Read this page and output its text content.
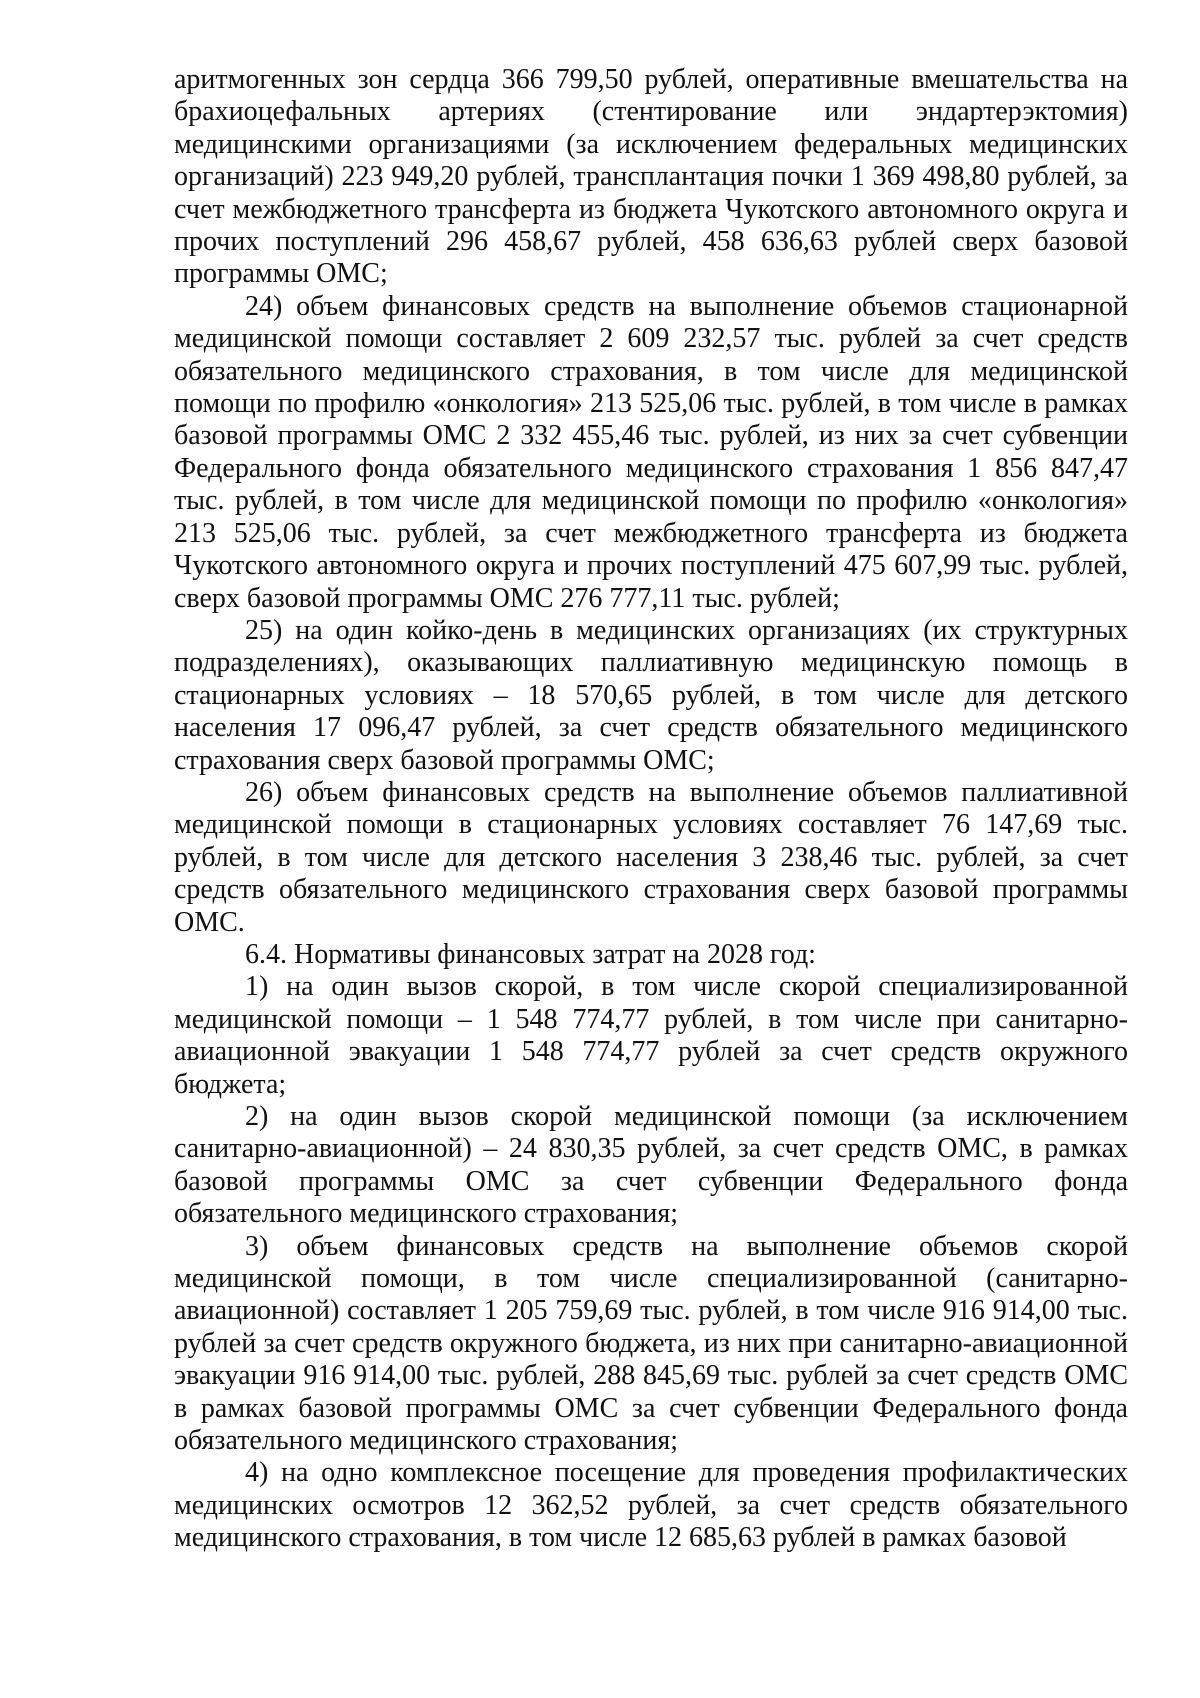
аритмогенных зон сердца 366 799,50 рублей, оперативные вмешательства на брахиоцефальных артериях (стентирование или эндартерэктомия) медицинскими организациями (за исключением федеральных медицинских организаций) 223 949,20 рублей, трансплантация почки 1 369 498,80 рублей, за счет межбюджетного трансферта из бюджета Чукотского автономного округа и прочих поступлений 296 458,67 рублей, 458 636,63 рублей сверх базовой программы ОМС;

24) объем финансовых средств на выполнение объемов стационарной медицинской помощи составляет 2 609 232,57 тыс. рублей за счет средств обязательного медицинского страхования, в том числе для медицинской помощи по профилю «онкология» 213 525,06 тыс. рублей, в том числе в рамках базовой программы ОМС 2 332 455,46 тыс. рублей, из них за счет субвенции Федерального фонда обязательного медицинского страхования 1 856 847,47 тыс. рублей, в том числе для медицинской помощи по профилю «онкология» 213 525,06 тыс. рублей, за счет межбюджетного трансферта из бюджета Чукотского автономного округа и прочих поступлений 475 607,99 тыс. рублей, сверх базовой программы ОМС 276 777,11 тыс. рублей;

25) на один койко-день в медицинских организациях (их структурных подразделениях), оказывающих паллиативную медицинскую помощь в стационарных условиях – 18 570,65 рублей, в том числе для детского населения 17 096,47 рублей, за счет средств обязательного медицинского страхования сверх базовой программы ОМС;

26) объем финансовых средств на выполнение объемов паллиативной медицинской помощи в стационарных условиях составляет 76 147,69 тыс. рублей, в том числе для детского населения 3 238,46 тыс. рублей, за счет средств обязательного медицинского страхования сверх базовой программы ОМС.

6.4. Нормативы финансовых затрат на 2028 год:

1) на один вызов скорой, в том числе скорой специализированной медицинской помощи – 1 548 774,77 рублей, в том числе при санитарно-авиационной эвакуации 1 548 774,77 рублей за счет средств окружного бюджета;

2) на один вызов скорой медицинской помощи (за исключением санитарно-авиационной) – 24 830,35 рублей, за счет средств ОМС, в рамках базовой программы ОМС за счет субвенции Федерального фонда обязательного медицинского страхования;

3) объем финансовых средств на выполнение объемов скорой медицинской помощи, в том числе специализированной (санитарно-авиационной) составляет 1 205 759,69 тыс. рублей, в том числе 916 914,00 тыс. рублей за счет средств окружного бюджета, из них при санитарно-авиационной эвакуации 916 914,00 тыс. рублей, 288 845,69 тыс. рублей за счет средств ОМС в рамках базовой программы ОМС за счет субвенции Федерального фонда обязательного медицинского страхования;

4) на одно комплексное посещение для проведения профилактических медицинских осмотров 12 362,52 рублей, за счет средств обязательного медицинского страхования, в том числе 12 685,63 рублей в рамках базовой
